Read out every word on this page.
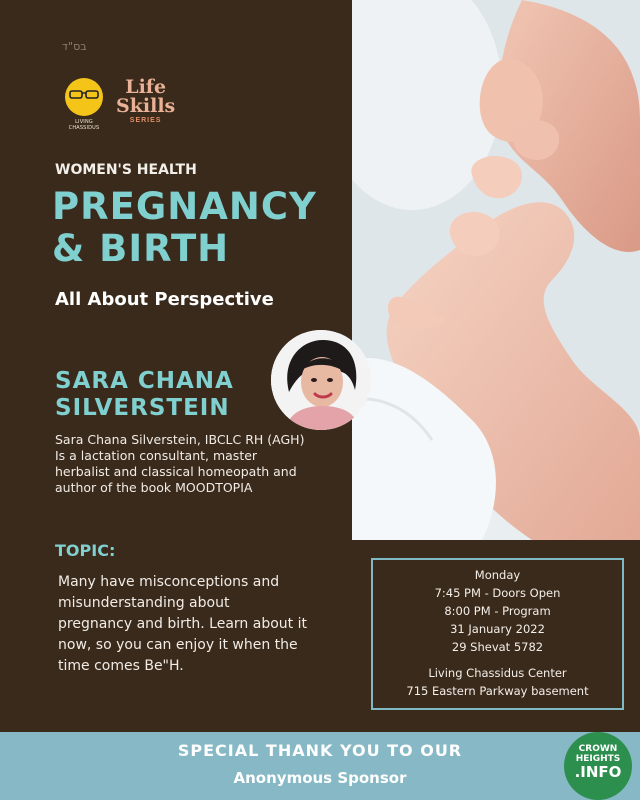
בס"ד
LIVING CHASSIDUS
Life
Skills
SERIES
WOMEN'S HEALTH
PREGNANCY
& BIRTH
All About Perspective
SARA CHANA
SILVERSTEIN
Sara Chana Silverstein, IBCLC RH (AGH) Is a lactation consultant, master herbalist and classical homeopath and author of the book MOODTOPIA
TOPIC:
Many have misconceptions and misunderstanding about pregnancy and birth. Learn about it now, so you can enjoy it when the time comes Be"H.
Monday
7:45 PM - Doors Open
8:00 PM - Program
31 January 2022
29 Shevat 5782
Living Chassidus Center
715 Eastern Parkway basement
SPECIAL THANK YOU TO OUR
Anonymous Sponsor
CROWN
HEIGHTS
.INFO
